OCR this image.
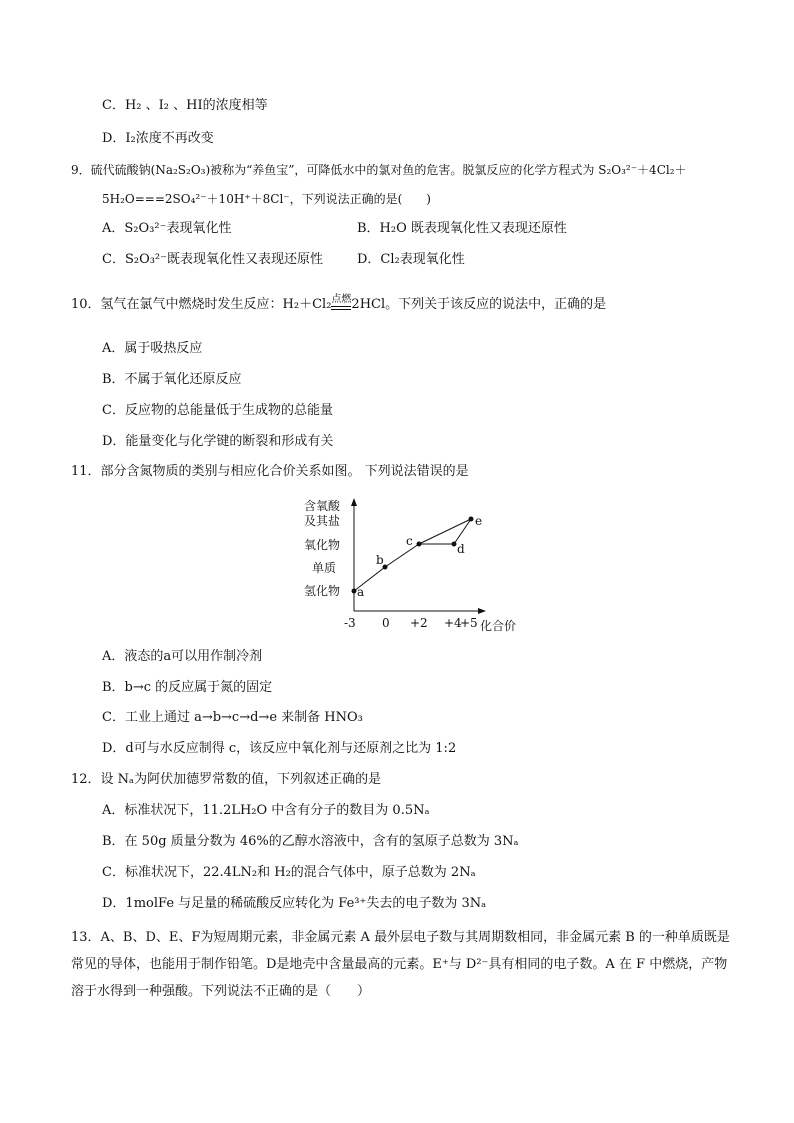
C．H₂ 、I₂ 、HI的浓度相等
D．I₂浓度不再改变
9．硫代硫酸钠(Na₂S₂O₃)被称为“养鱼宝”，可降低水中的氯对鱼的危害。脱氯反应的化学方程式为 S₂O₃²⁻＋4Cl₂＋
5H₂O===2SO₄²⁻＋10H⁺＋8Cl⁻，下列说法正确的是(　　)
A．S₂O₃²⁻表现氧化性	B．H₂O 既表现氧化性又表现还原性
C．S₂O₃²⁻既表现氧化性又表现还原性	D．Cl₂表现氧化性
10．氢气在氯气中燃烧时发生反应：H₂＋Cl₂ 点燃 2HCl。下列关于该反应的说法中，正确的是
A．属于吸热反应
B．不属于氧化还原反应
C．反应物的总能量低于生成物的总能量
D．能量变化与化学键的断裂和形成有关
11．部分含氮物质的类别与相应化合价关系如图。 下列说法错误的是
含氧酸
及其盐
氧化物
单质
氢化物
-3 0 +2 +4
+5 化合价
a
b
c
d
e
A．液态的a可以用作制冷剂
B．b→c 的反应属于氮的固定
C．工业上通过 a→b→c→d→e 来制备 HNO₃
D．d可与水反应制得 c，该反应中氧化剂与还原剂之比为 1:2
12．设 Nₐ为阿伏加德罗常数的值，下列叙述正确的是
A．标准状况下，11.2LH₂O 中含有分子的数目为 0.5Nₐ
B．在 50g 质量分数为 46%的乙醇水溶液中，含有的氢原子总数为 3Nₐ
C．标准状况下，22.4LN₂和 H₂的混合气体中，原子总数为 2Nₐ
D．1molFe 与足量的稀硫酸反应转化为 Fe³⁺失去的电子数为 3Nₐ
13．A、B、D、E、F为短周期元素，非金属元素 A 最外层电子数与其周期数相同，非金属元素 B 的一种单质既是常见的导体，也能用于制作铅笔。D是地壳中含量最高的元素。E⁺与 D²⁻具有相同的电子数。A 在 F 中燃烧，产物溶于水得到一种强酸。下列说法不正确的是（　　）
